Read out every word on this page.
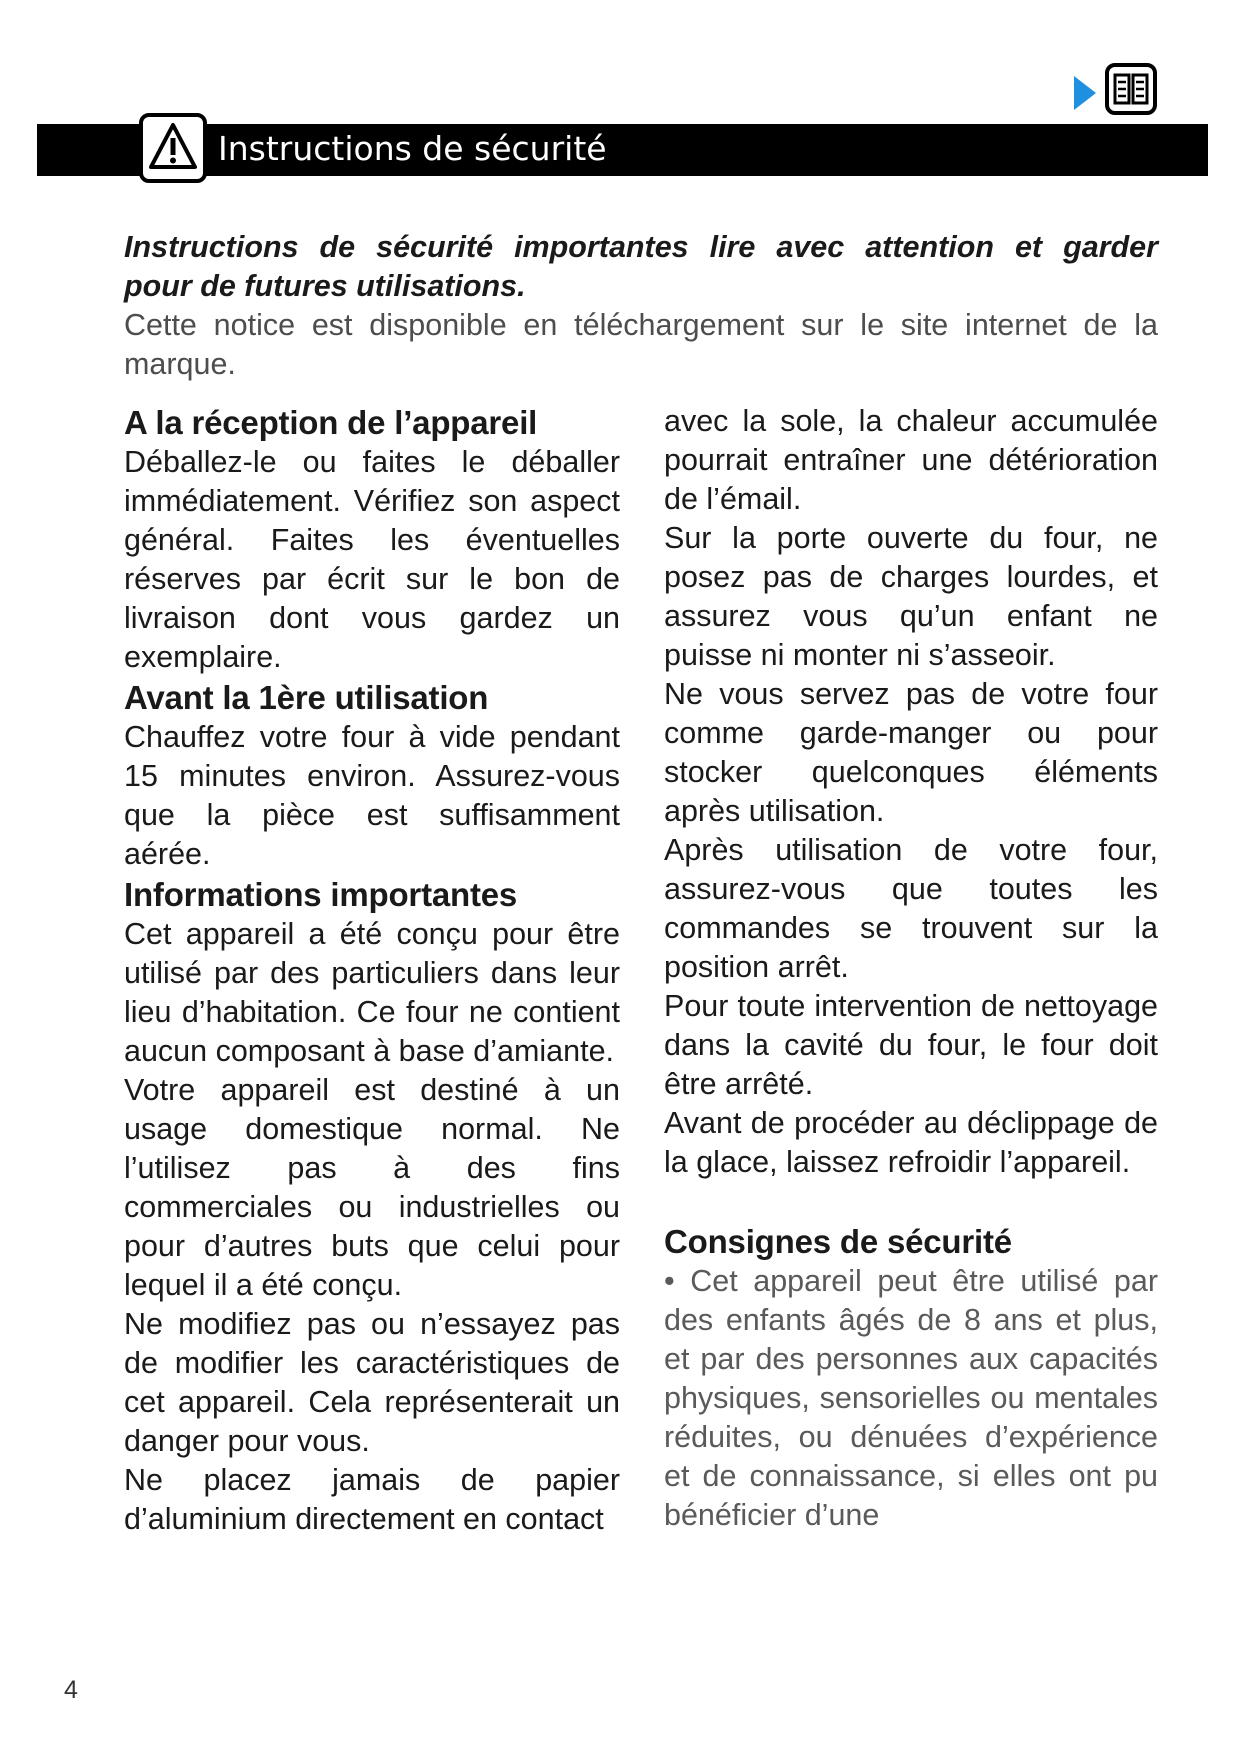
Instructions de sécurité
Instructions de sécurité importantes lire avec attention et garder
pour de futures utilisations.
Cette notice est disponible en téléchargement sur le site internet de la marque.
A la réception de l’appareil

Déballez-le ou faites le déballer immédiatement. Vérifiez son aspect général. Faites les éventuelles réserves par écrit sur le bon de livraison dont vous gardez un exemplaire.

Avant la 1ère utilisation

Chauffez votre four à vide pendant 15 minutes environ. Assurez-vous que la pièce est suffisamment aérée.

Informations importantes

Cet appareil a été conçu pour être utilisé par des particuliers dans leur lieu d’habitation. Ce four ne contient aucun composant à base d’amiante.

Votre appareil est destiné à un usage domestique normal. Ne l’utilisez pas à des fins commerciales ou industrielles ou pour d’autres buts que celui pour lequel il a été conçu.

Ne modifiez pas ou n’essayez pas de modifier les caractéristiques de cet appareil. Cela représenterait un danger pour vous.

Ne placez jamais de papier d’aluminium directement en contact

avec la sole, la chaleur accumulée pourrait entraîner une détérioration de l’émail.

Sur la porte ouverte du four, ne posez pas de charges lourdes, et assurez vous qu’un enfant ne puisse ni monter ni s’asseoir.

Ne vous servez pas de votre four comme garde-manger ou pour stocker quelconques éléments après utilisation.

Après utilisation de votre four, assurez-vous que toutes les commandes se trouvent sur la position arrêt.

Pour toute intervention de nettoyage dans la cavité du four, le four doit être arrêté.

Avant de procéder au déclippage de la glace, laissez refroidir l’appareil.

Consignes de sécurité

• Cet appareil peut être utilisé par des enfants âgés de 8 ans et plus, et par des personnes aux capacités physiques, sensorielles ou mentales réduites, ou dénuées d’expérience et de connaissance, si elles ont pu bénéficier d’une

4
